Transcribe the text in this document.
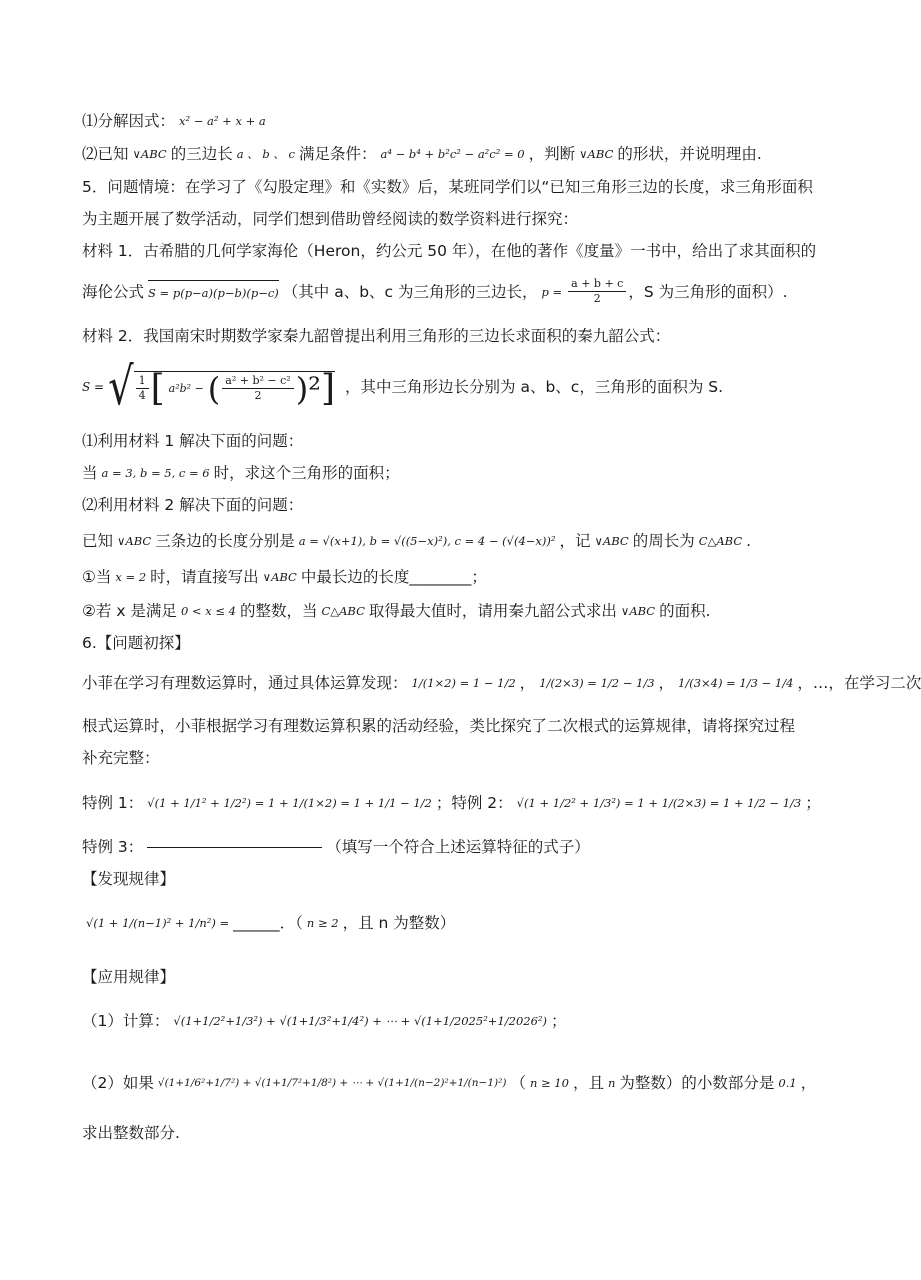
⑴分解因式： x² − a² + x + a
⑵已知 ∨ABC 的三边长 a 、 b 、 c 满足条件： a⁴ − b⁴ + b²c² − a²c² = 0 ，判断 ∨ABC 的形状，并说明理由.
5．问题情境：在学习了《勾股定理》和《实数》后，某班同学们以“已知三角形三边的长度，求三角形面积
为主题开展了数学活动，同学们想到借助曾经阅读的数学资料进行探究：
材料 1．古希腊的几何学家海伦（Heron，约公元 50 年），在他的著作《度量》一书中，给出了求其面积的
海伦公式 S = p(p−a)(p−b)(p−c) （其中 a、b、c 为三角形的三边长， $p = \frac{a + b + c}{2}$ ，S 为三角形的面积）.
材料 2．我国南宋时期数学家秦九韶曾提出利用三角形的三边长求面积的秦九韶公式：
S = √ $\frac{1}{4}$ [ a²b² − ( $\frac{\text{a² + b² − c²}}{2} )^2$ ] ，其中三角形边长分别为 a、b、c，三角形的面积为 S.
⑴利用材料 1 解决下面的问题：
当 a = 3, b = 5, c = 6 时，求这个三角形的面积；
⑵利用材料 2 解决下面的问题：
已知 ∨ABC 三条边的长度分别是 a = √(x+1), b = √((5−x)²), c = 4 − (√(4−x))² ，记 ∨ABC 的周长为 C△ABC .
①当 x = 2 时，请直接写出 ∨ABC 中最长边的长度________；
②若 x 是满足 0 < x ≤ 4 的整数，当 C△ABC 取得最大值时，请用秦九韶公式求出 ∨ABC 的面积.
6.【问题初探】
小菲在学习有理数运算时，通过具体运算发现： 1/(1×2) = 1 − 1/2 ， 1/(2×3) = 1/2 − 1/3 ， 1/(3×4) = 1/3 − 1/4 ，…，在学习二次
根式运算时，小菲根据学习有理数运算积累的活动经验，类比探究了二次根式的运算规律，请将探究过程
补充完整：
特例 1： √(1 + 1/1² + 1/2²) = 1 + 1/(1×2) = 1 + 1/1 − 1/2 ；特例 2： √(1 + 1/2² + 1/3²) = 1 + 1/(2×3) = 1 + 1/2 − 1/3 ；
特例 3：	（填写一个符合上述运算特征的式子）
【发现规律】
√(1 + 1/(n−1)² + 1/n²) = ______．（ n ≥ 2 ，且 n 为整数）
【应用规律】
（1）计算： √(1+1/2²+1/3²) + √(1+1/3²+1/4²) + ⋯ + √(1+1/2025²+1/2026²) ；
（2）如果 √(1+1/6²+1/7²) + √(1+1/7²+1/8²) + ⋯ + √(1+1/(n−2)²+1/(n−1)²) （ n ≥ 10 ，且 n 为整数）的小数部分是 0.1 ，
求出整数部分.
